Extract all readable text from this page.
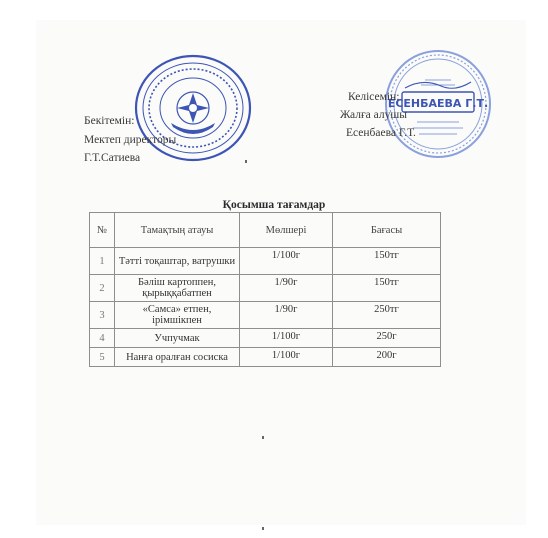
ЕСЕНБАЕВА Г.Т.
Бекітемін:
Мектеп директоры
Г.Т.Сатиева
Келісемін:
Жалға алушы
Есенбаева Г.Т.
Қосымша тағамдар
№	Тамақтың атауы	Мөлшері	Бағасы
1	Тәтті тоқаштар, ватрушки	1/100г	150тг
2	Бәліш картоппен, қырыққабатпен	1/90г	150тг
3	«Самса» етпен, ірімшікпен	1/90г	250тг
4	Учпучмак	1/100г	250г
5	Нанға оралған сосиска	1/100г	200г
